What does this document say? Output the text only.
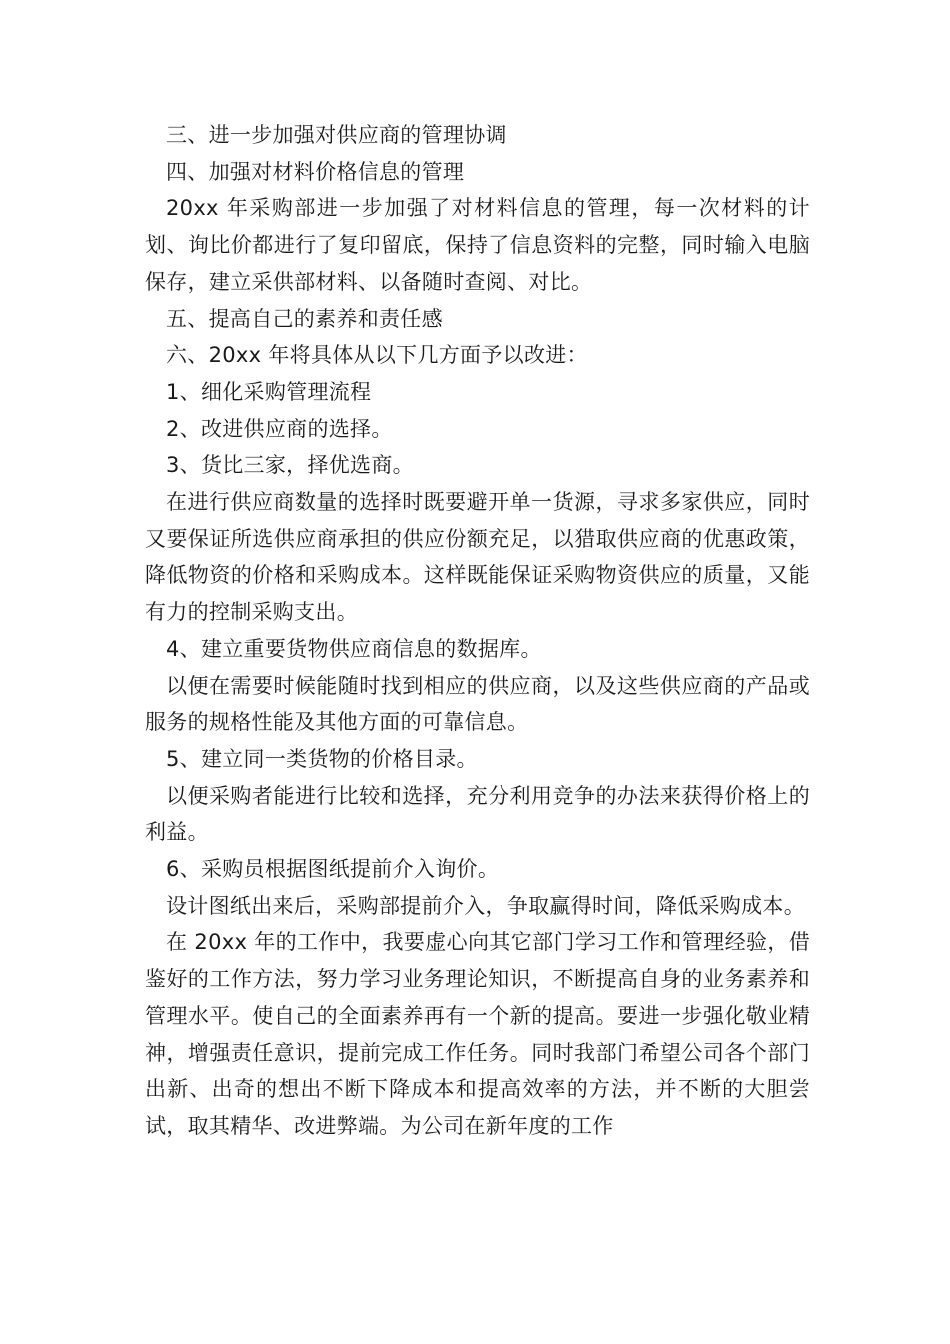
三、进一步加强对供应商的管理协调

四、加强对材料价格信息的管理

20xx 年采购部进一步加强了对材料信息的管理，每一次材料的计划、询比价都进行了复印留底，保持了信息资料的完整，同时输入电脑保存，建立采供部材料、以备随时查阅、对比。

五、提高自己的素养和责任感

六、20xx 年将具体从以下几方面予以改进：

1、细化采购管理流程

2、改进供应商的选择。

3、货比三家，择优选商。

在进行供应商数量的选择时既要避开单一货源，寻求多家供应，同时又要保证所选供应商承担的供应份额充足，以猎取供应商的优惠政策，降低物资的价格和采购成本。这样既能保证采购物资供应的质量，又能有力的控制采购支出。

4、建立重要货物供应商信息的数据库。

以便在需要时候能随时找到相应的供应商，以及这些供应商的产品或服务的规格性能及其他方面的可靠信息。

5、建立同一类货物的价格目录。

以便采购者能进行比较和选择，充分利用竞争的办法来获得价格上的利益。

6、采购员根据图纸提前介入询价。

设计图纸出来后，采购部提前介入，争取赢得时间，降低采购成本。

在 20xx 年的工作中，我要虚心向其它部门学习工作和管理经验，借鉴好的工作方法，努力学习业务理论知识，不断提高自身的业务素养和管理水平。使自己的全面素养再有一个新的提高。要进一步强化敬业精神，增强责任意识，提前完成工作任务。同时我部门希望公司各个部门出新、出奇的想出不断下降成本和提高效率的方法，并不断的大胆尝试，取其精华、改进弊端。为公司在新年度的工作
